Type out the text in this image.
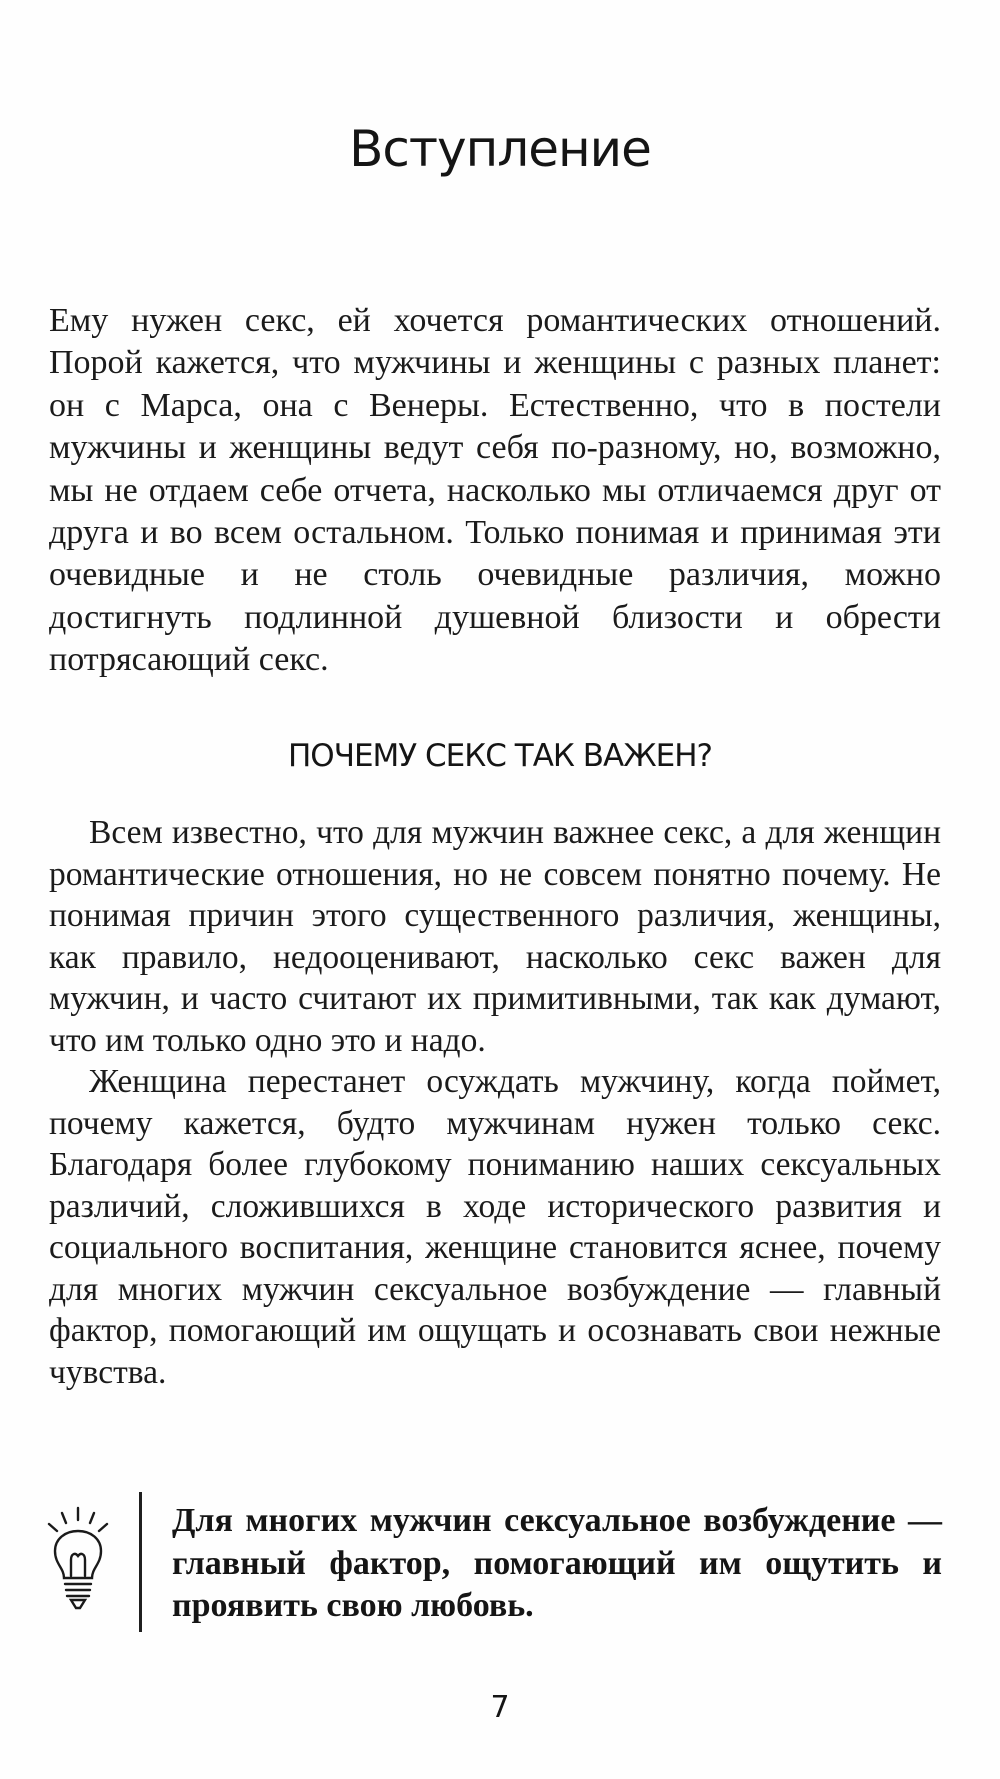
Вступление
Ему нужен секс, ей хочется романтических отношений. Порой кажется, что мужчины и женщины с разных планет: он с Марса, она с Венеры. Естественно, что в постели мужчины и женщины ведут себя по-разному, но, возможно, мы не отдаем себе отчета, насколько мы отличаемся друг от друга и во всем остальном. Только понимая и принимая эти очевидные и не столь очевидные различия, можно достигнуть подлинной душевной близости и обрести потрясающий секс.
ПОЧЕМУ СЕКС ТАК ВАЖЕН?

Всем известно, что для мужчин важнее секс, а для женщин романтические отношения, но не совсем понятно почему. Не понимая причин этого существенного различия, женщины, как правило, недооценивают, насколько секс важен для мужчин, и часто считают их примитивными, так как думают, что им только одно это и надо.

Женщина перестанет осуждать мужчину, когда поймет, почему кажется, будто мужчинам нужен только секс. Благодаря более глубокому пониманию наших сексуальных различий, сложившихся в ходе исторического развития и социального воспитания, женщине становится яснее, почему для многих мужчин сексуальное возбуждение — главный фактор, помогающий им ощущать и осознавать свои нежные чувства.

Для многих мужчин сексуальное возбуждение — главный фактор, помогающий им ощутить и проявить свою любовь.
7
